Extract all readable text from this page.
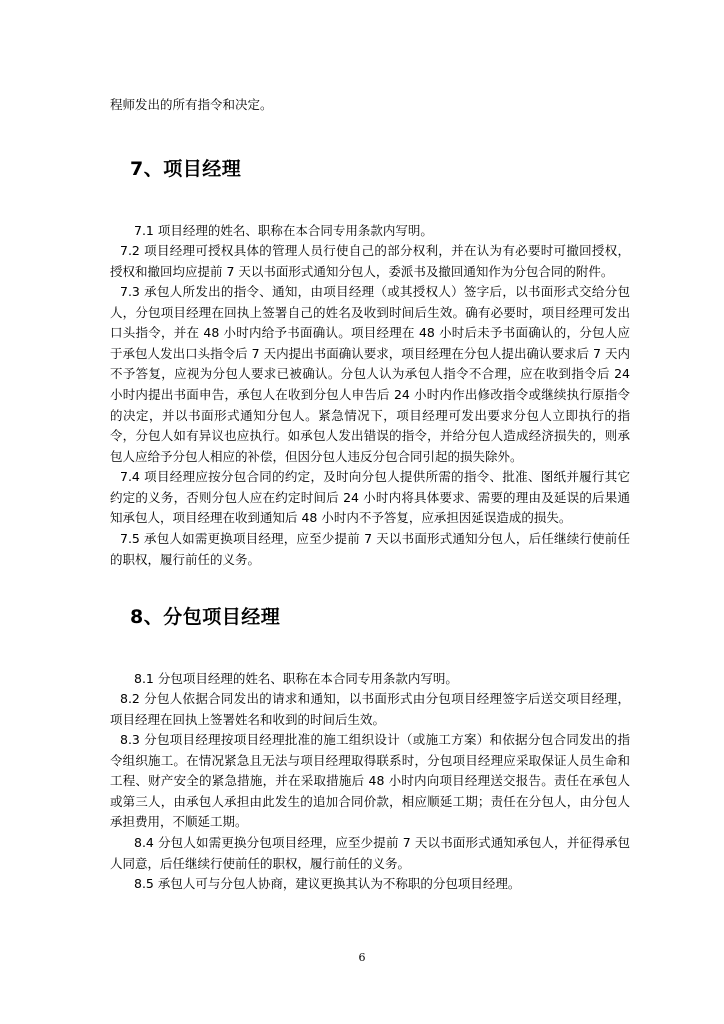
程师发出的所有指令和决定。

7、项目经理

7.1 项目经理的姓名、职称在本合同专用条款内写明。

7.2 项目经理可授权具体的管理人员行使自己的部分权利，并在认为有必要时可撤回授权，授权和撤回均应提前 7 天以书面形式通知分包人，委派书及撤回通知作为分包合同的附件。

7.3 承包人所发出的指令、通知，由项目经理（或其授权人）签字后，以书面形式交给分包人，分包项目经理在回执上签署自己的姓名及收到时间后生效。确有必要时，项目经理可发出口头指令，并在 48 小时内给予书面确认。项目经理在 48 小时后未予书面确认的，分包人应于承包人发出口头指令后 7 天内提出书面确认要求，项目经理在分包人提出确认要求后 7 天内不予答复，应视为分包人要求已被确认。分包人认为承包人指令不合理，应在收到指令后 24 小时内提出书面申告，承包人在收到分包人申告后 24 小时内作出修改指令或继续执行原指令的决定，并以书面形式通知分包人。紧急情况下，项目经理可发出要求分包人立即执行的指令，分包人如有异议也应执行。如承包人发出错误的指令，并给分包人造成经济损失的，则承包人应给予分包人相应的补偿，但因分包人违反分包合同引起的损失除外。

7.4 项目经理应按分包合同的约定，及时向分包人提供所需的指令、批准、图纸并履行其它约定的义务，否则分包人应在约定时间后 24 小时内将具体要求、需要的理由及延误的后果通知承包人，项目经理在收到通知后 48 小时内不予答复，应承担因延误造成的损失。

7.5 承包人如需更换项目经理，应至少提前 7 天以书面形式通知分包人，后任继续行使前任的职权，履行前任的义务。

8、分包项目经理

8.1 分包项目经理的姓名、职称在本合同专用条款内写明。

8.2 分包人依据合同发出的请求和通知，以书面形式由分包项目经理签字后送交项目经理，项目经理在回执上签署姓名和收到的时间后生效。

8.3 分包项目经理按项目经理批准的施工组织设计（或施工方案）和依据分包合同发出的指令组织施工。在情况紧急且无法与项目经理取得联系时，分包项目经理应采取保证人员生命和工程、财产安全的紧急措施，并在采取措施后 48 小时内向项目经理送交报告。责任在承包人或第三人，由承包人承担由此发生的追加合同价款，相应顺延工期；责任在分包人，由分包人承担费用，不顺延工期。

8.4 分包人如需更换分包项目经理，应至少提前 7 天以书面形式通知承包人，并征得承包人同意，后任继续行使前任的职权，履行前任的义务。

8.5 承包人可与分包人协商，建议更换其认为不称职的分包项目经理。

6
